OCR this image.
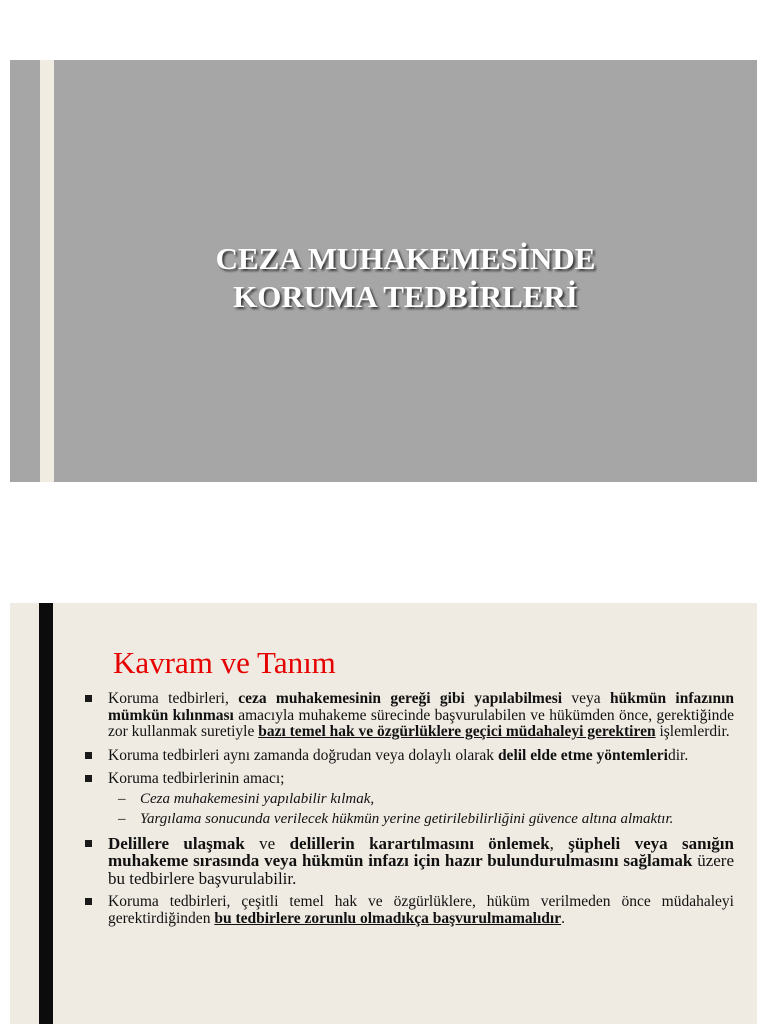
CEZA MUHAKEMESİNDE
KORUMA TEDBİRLERİ
Kavram ve Tanım
Koruma tedbirleri, ceza muhakemesinin gereği gibi yapılabilmesi veya hükmün infazının mümkün kılınması amacıyla muhakeme sürecinde başvurulabilen ve hükümden önce, gerektiğinde zor kullanmak suretiyle bazı temel hak ve özgürlüklere geçici müdahaleyi gerektiren işlemlerdir.
Koruma tedbirleri aynı zamanda doğrudan veya dolaylı olarak delil elde etme yöntemleridir.
Koruma tedbirlerinin amacı;
– Ceza muhakemesini yapılabilir kılmak,
– Yargılama sonucunda verilecek hükmün yerine getirilebilirliğini güvence altına almaktır.
Delillere ulaşmak ve delillerin karartılmasını önlemek, şüpheli veya sanığın muhakeme sırasında veya hükmün infazı için hazır bulundurulmasını sağlamak üzere bu tedbirlere başvurulabilir.
Koruma tedbirleri, çeşitli temel hak ve özgürlüklere, hüküm verilmeden önce müdahaleyi gerektirdiğinden bu tedbirlere zorunlu olmadıkça başvurulmamalıdır.
